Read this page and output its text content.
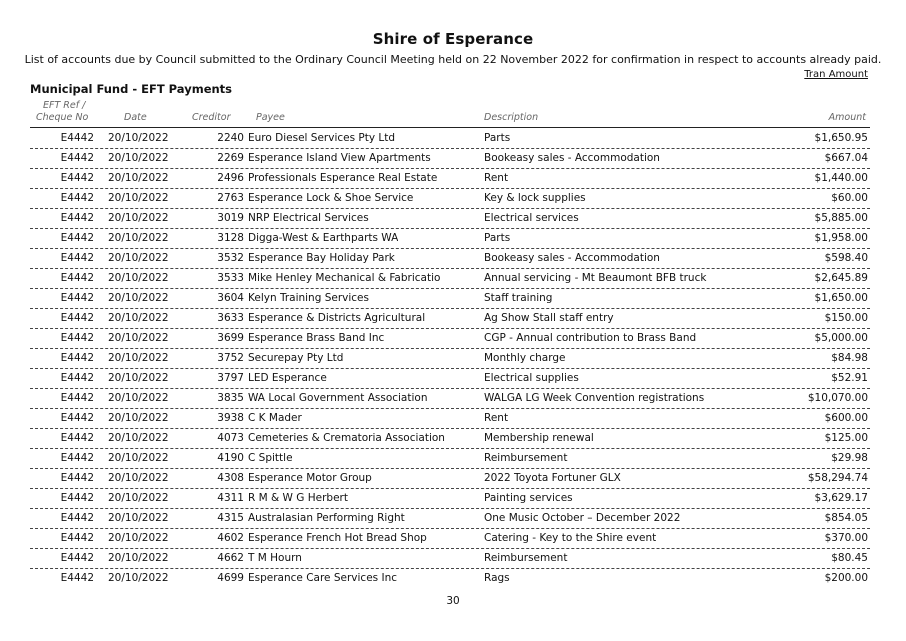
Shire of Esperance
List of accounts due by Council submitted to the Ordinary Council Meeting held on 22 November 2022 for confirmation in respect to accounts already paid.
Tran Amount
Municipal Fund - EFT Payments
EFT Ref /
Cheque No	Date	Creditor	Payee	Description	Amount
E4442 20/10/2022	2240 Euro Diesel Services Pty Ltd	Parts	$1,650.95
E4442 20/10/2022	2269 Esperance Island View Apartments	Bookeasy sales - Accommodation	$667.04
E4442 20/10/2022	2496 Professionals Esperance Real Estate	Rent	$1,440.00
E4442 20/10/2022	2763 Esperance Lock & Shoe Service	Key & lock supplies	$60.00
E4442 20/10/2022	3019 NRP Electrical Services	Electrical services	$5,885.00
E4442 20/10/2022	3128 Digga-West & Earthparts WA	Parts	$1,958.00
E4442 20/10/2022	3532 Esperance Bay Holiday Park	Bookeasy sales - Accommodation	$598.40
E4442 20/10/2022	3533 Mike Henley Mechanical & Fabricatio	Annual servicing - Mt Beaumont BFB truck	$2,645.89
E4442 20/10/2022	3604 Kelyn Training Services	Staff training	$1,650.00
E4442 20/10/2022	3633 Esperance & Districts Agricultural	Ag Show Stall staff entry	$150.00
E4442 20/10/2022	3699 Esperance Brass Band Inc	CGP - Annual contribution to Brass Band	$5,000.00
E4442 20/10/2022	3752 Securepay Pty Ltd	Monthly charge	$84.98
E4442 20/10/2022	3797 LED Esperance	Electrical supplies	$52.91
E4442 20/10/2022	3835 WA Local Government Association	WALGA LG Week Convention registrations	$10,070.00
E4442 20/10/2022	3938 C K Mader	Rent	$600.00
E4442 20/10/2022	4073 Cemeteries & Crematoria Association	Membership renewal	$125.00
E4442 20/10/2022	4190 C Spittle	Reimbursement	$29.98
E4442 20/10/2022	4308 Esperance Motor Group	2022 Toyota Fortuner GLX	$58,294.74
E4442 20/10/2022	4311 R M & W G Herbert	Painting services	$3,629.17
E4442 20/10/2022	4315 Australasian Performing Right	One Music October – December 2022	$854.05
E4442 20/10/2022	4602 Esperance French Hot Bread Shop	Catering - Key to the Shire event	$370.00
E4442 20/10/2022	4662 T M Hourn	Reimbursement	$80.45
E4442 20/10/2022	4699 Esperance Care Services Inc	Rags	$200.00
30
